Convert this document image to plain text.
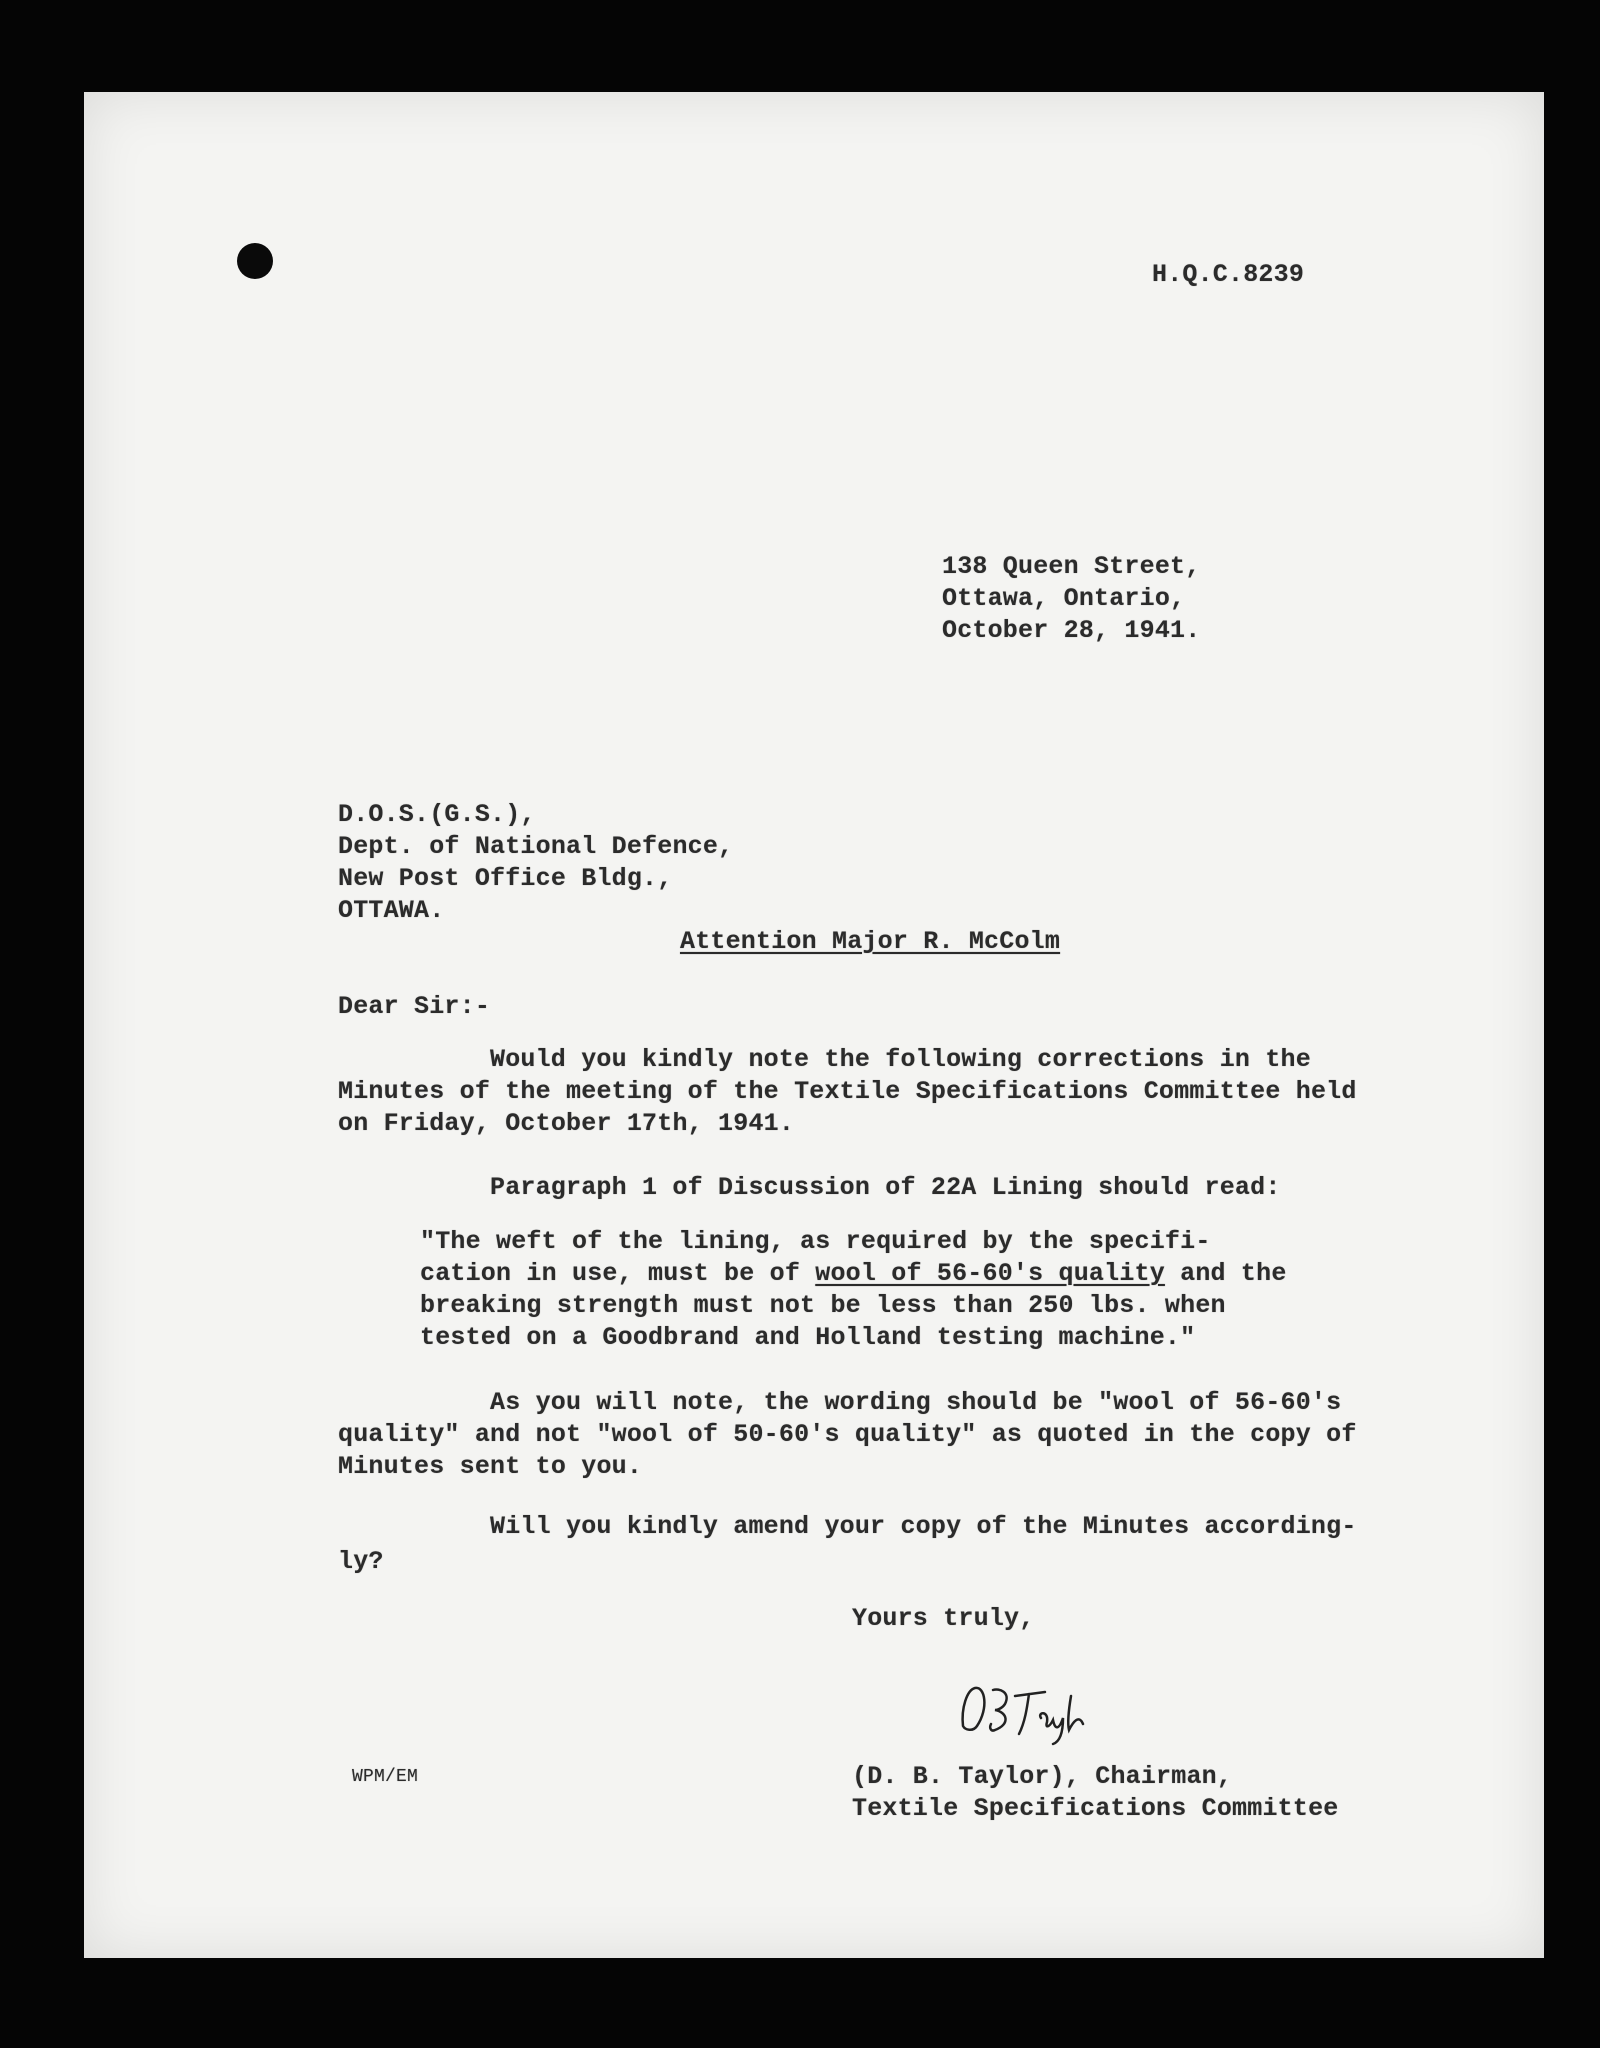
H.Q.C.8239

138 Queen Street,

Ottawa, Ontario,

October 28, 1941.

D.O.S.(G.S.),

Dept. of National Defence,

New Post Office Bldg.,

OTTAWA.

Attention Major R. McColm

Dear Sir:-

Would you kindly note the following corrections in the

Minutes of the meeting of the Textile Specifications Committee held

on Friday, October 17th, 1941.

Paragraph 1 of Discussion of 22A Lining should read:

"The weft of the lining, as required by the specifi-

cation in use, must be of wool of 56-60's quality and the

breaking strength must not be less than 250 lbs. when

tested on a Goodbrand and Holland testing machine."

As you will note, the wording should be "wool of 56-60's

quality" and not "wool of 50-60's quality" as quoted in the copy of

Minutes sent to you.

Will you kindly amend your copy of the Minutes according-

ly?

Yours truly,

WPM/EM	(D. B. Taylor), Chairman,

Textile Specifications Committee
